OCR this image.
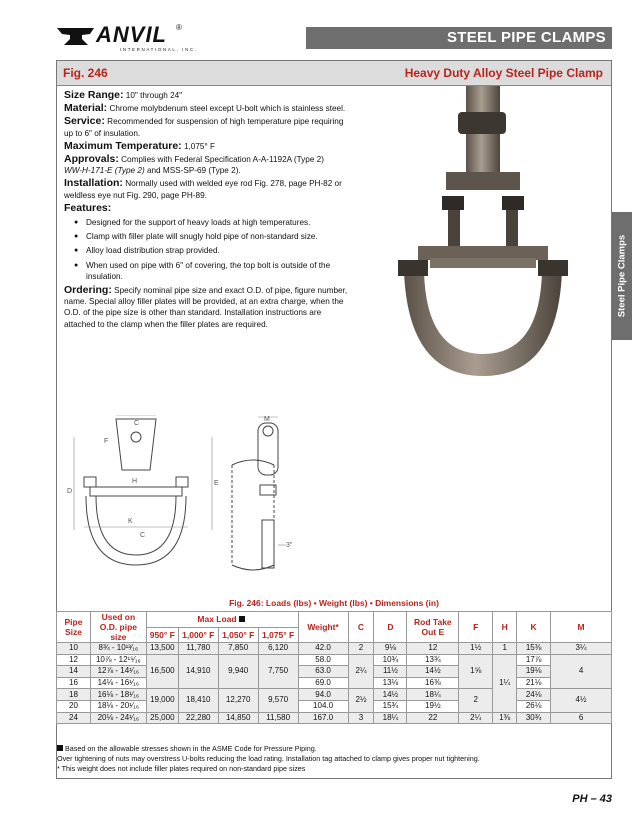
ANVIL ®
INTERNATIONAL, INC.
STEEL PIPE CLAMPS
Steel Pipe Clamps
Fig. 246	Heavy Duty Alloy Steel Pipe Clamp

Size Range: 10" through 24"

Material: Chrome molybdenum steel except U-bolt which is stainless steel.

Service: Recommended for suspension of high temperature pipe requiring up to 6" of insulation.

Maximum Temperature: 1,075° F

Approvals: Complies with Federal Specification A-A-1192A (Type 2)
WW-H-171-E (Type 2) and MSS-SP-69 (Type 2).

Installation: Normally used with welded eye rod Fig. 278, page PH-82 or weldless eye nut Fig. 290, page PH-89.

Features:

● Designed for the support of heavy loads at high temperatures.
● Clamp with filler plate will snugly hold pipe of non-standard size.
● Alloy load distribution strap provided.
● When used on pipe with 6" of covering, the top bolt is outside of the insulation.

Ordering: Specify nominal pipe size and exact O.D. of pipe, figure number, name. Special alloy filler plates will be provided, at an extra charge, when the O.D. of the pipe size is other than standard. Installation instructions are attached to the clamp when the filler plates are required.

C
F
H
D
K
C
E
M
3"
Fig. 246: Loads (lbs) • Weight (lbs) • Dimensions (in)
Pipe Size	Used on O.D. pipe size	Max Load				Weight*	C	D	Rod Take Out E	F	H	K	M
		950° F	1,000° F	1,050° F	1,075° F								
10	8¾ - 10¹³⁄₁₆	13,500	11,780	7,850	6,120	42.0	2	9⅛	12	1½	1	15⅜	3¼
12	10⅞ - 12¹⁵⁄₁₆	16,500	14,910	9,940	7,750	58.0	2¼	10¾	13¾	1⅝	1¼	17⅞	4
14	12⅞ - 14¹⁄₁₆					63.0		11½	14½			19⅛	
16	14⅛ - 16¹⁄₁₆					69.0		13⅛	16⅜			21⅛	
18	16⅛ - 18¹⁄₁₆	19,000	18,410	12,270	9,570	94.0	2½	14½	18¼	2		24⅛	4½
20	18⅛ - 20¹⁄₁₆					104.0		15¾	19½			26⅛	
24	20⅛ - 24¹⁄₁₆	25,000	22,280	14,850	11,580	167.0	3	18¼	22	2¼	1⅜	30¾	6
Based on the allowable stresses shown in the ASME Code for Pressure Piping.
Over tightening of nuts may overstress U-bolts reducing the load rating. Installation tag attached to clamp gives proper nut tightening.
* This weight does not include filler plates required on non-standard pipe sizes
PH – 43
